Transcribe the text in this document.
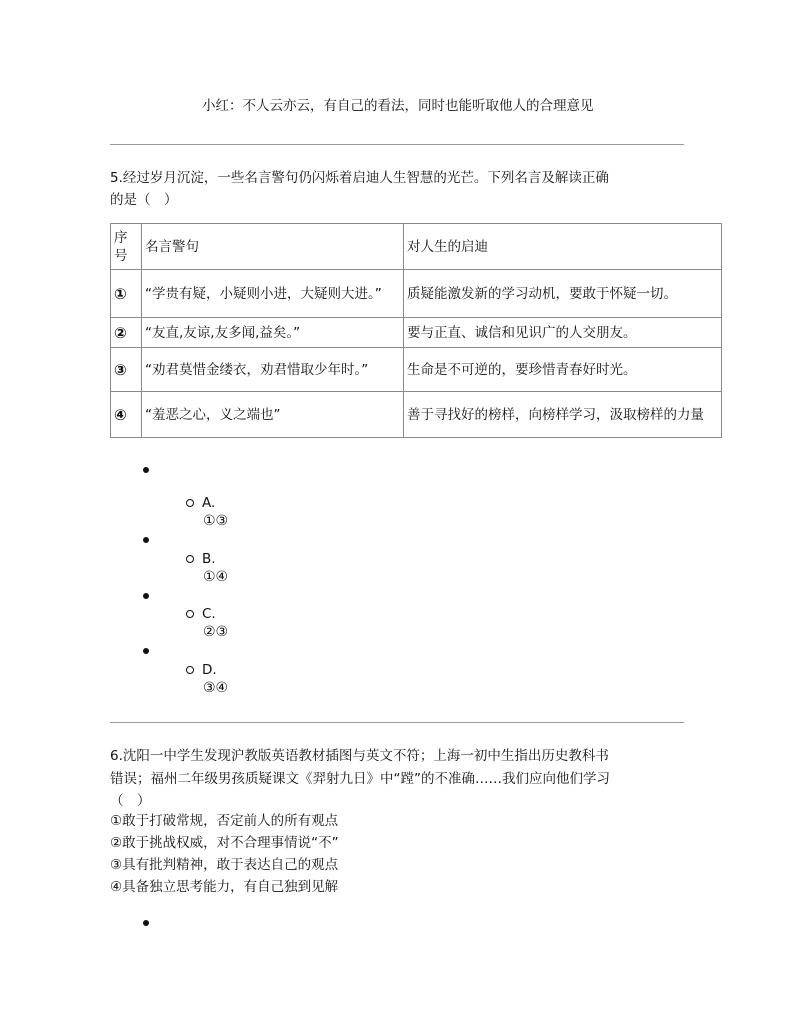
小红：不人云亦云，有自己的看法，同时也能听取他人的合理意见
5.经过岁月沉淀，一些名言警句仍闪烁着启迪人生智慧的光芒。下列名言及解读正确
的是（　）
序号	名言警句	对人生的启迪
①	“学贵有疑，小疑则小进，大疑则大进。”	质疑能激发新的学习动机，要敢于怀疑一切。
②	“友直,友谅,友多闻,益矣。”	要与正直、诚信和见识广的人交朋友。
③	“劝君莫惜金缕衣，劝君惜取少年时。”	生命是不可逆的，要珍惜青春好时光。
④	“羞恶之心，义之端也”	善于寻找好的榜样，向榜样学习，汲取榜样的力量
A.
①③
B.
①④
C.
②③
D.
③④
6.沈阳一中学生发现沪教版英语教材插图与英文不符；上海一初中生指出历史教科书
错误；福州二年级男孩质疑课文《羿射九日》中“蹚”的不准确……我们应向他们学习
（　）
①敢于打破常规，否定前人的所有观点
②敢于挑战权威，对不合理事情说“不”
③具有批判精神，敢于表达自己的观点
④具备独立思考能力，有自己独到见解
